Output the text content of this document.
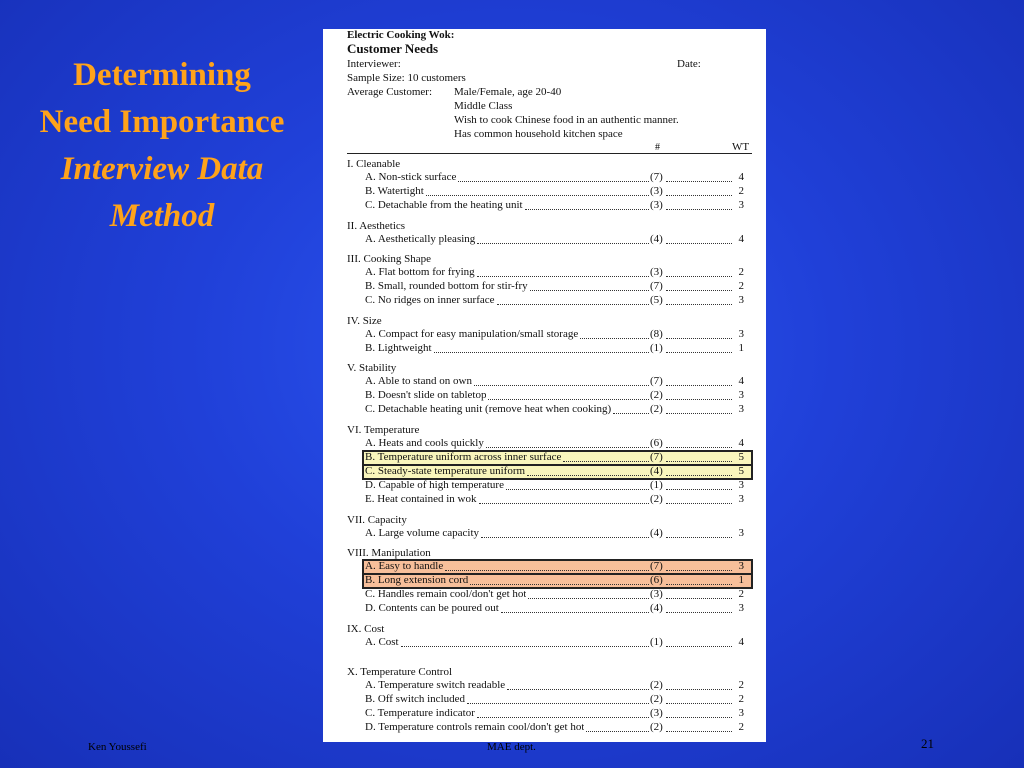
Determining
Need Importance
Interview Data
Method
Electric Cooking Wok:
Customer Needs
Interviewer:	Date:
Sample Size: 10 customers
Average Customer: Male/Female, age 20-40
Middle Class
Wish to cook Chinese food in an authentic manner.
Has common household kitchen space
#	WT
I. Cleanable
A. Non-stick surface	(7)	4
B. Watertight	(3)	2
C. Detachable from the heating unit	(3)	3
II. Aesthetics
A. Aesthetically pleasing	(4)	4
III. Cooking Shape
A. Flat bottom for frying	(3)	2
B. Small, rounded bottom for stir-fry	(7)	2
C. No ridges on inner surface	(5)	3
IV. Size
A. Compact for easy manipulation/small storage	(8)	3
B. Lightweight	(1)	1
V. Stability
A. Able to stand on own	(7)	4
B. Doesn't slide on tabletop	(2)	3
C. Detachable heating unit (remove heat when cooking)	(2)	3
VI. Temperature
A. Heats and cools quickly	(6)	4
B. Temperature uniform across inner surface	(7)	5
C. Steady-state temperature uniform	(4)	5
D. Capable of high temperature	(1)	3
E. Heat contained in wok	(2)	3
VII. Capacity
A. Large volume capacity	(4)	3
VIII. Manipulation
A. Easy to handle	(7)	3
B. Long extension cord	(6)	1
C. Handles remain cool/don't get hot	(3)	2
D. Contents can be poured out	(4)	3
IX. Cost
A. Cost	(1)	4
X. Temperature Control
A. Temperature switch readable	(2)	2
B. Off switch included	(2)	2
C. Temperature indicator	(3)	3
D. Temperature controls remain cool/don't get hot	(2)	2
Ken Youssefi	MAE dept.	21
